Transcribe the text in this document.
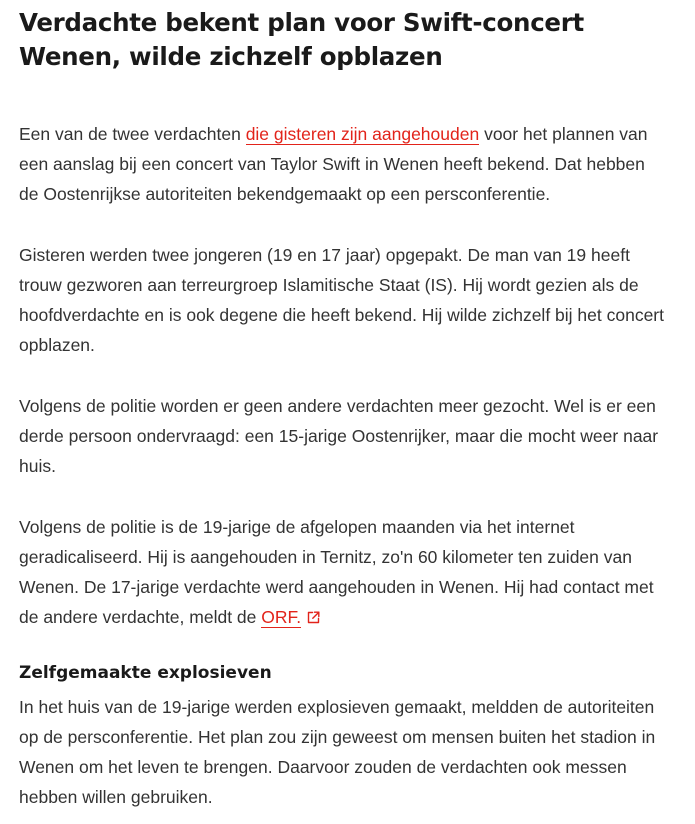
Verdachte bekent plan voor Swift-concert Wenen, wilde zichzelf opblazen

Een van de twee verdachten die gisteren zijn aangehouden voor het plannen van een aanslag bij een concert van Taylor Swift in Wenen heeft bekend. Dat hebben de Oostenrijkse autoriteiten bekendgemaakt op een persconferentie.

Gisteren werden twee jongeren (19 en 17 jaar) opgepakt. De man van 19 heeft trouw gezworen aan terreurgroep Islamitische Staat (IS). Hij wordt gezien als de hoofdverdachte en is ook degene die heeft bekend. Hij wilde zichzelf bij het concert opblazen.

Volgens de politie worden er geen andere verdachten meer gezocht. Wel is er een derde persoon ondervraagd: een 15-jarige Oostenrijker, maar die mocht weer naar huis.

Volgens de politie is de 19-jarige de afgelopen maanden via het internet geradicaliseerd. Hij is aangehouden in Ternitz, zo'n 60 kilometer ten zuiden van Wenen. De 17-jarige verdachte werd aangehouden in Wenen. Hij had contact met de andere verdachte, meldt de ORF.

Zelfgemaakte explosieven

In het huis van de 19-jarige werden explosieven gemaakt, meldden de autoriteiten op de persconferentie. Het plan zou zijn geweest om mensen buiten het stadion in Wenen om het leven te brengen. Daarvoor zouden de verdachten ook messen hebben willen gebruiken.
